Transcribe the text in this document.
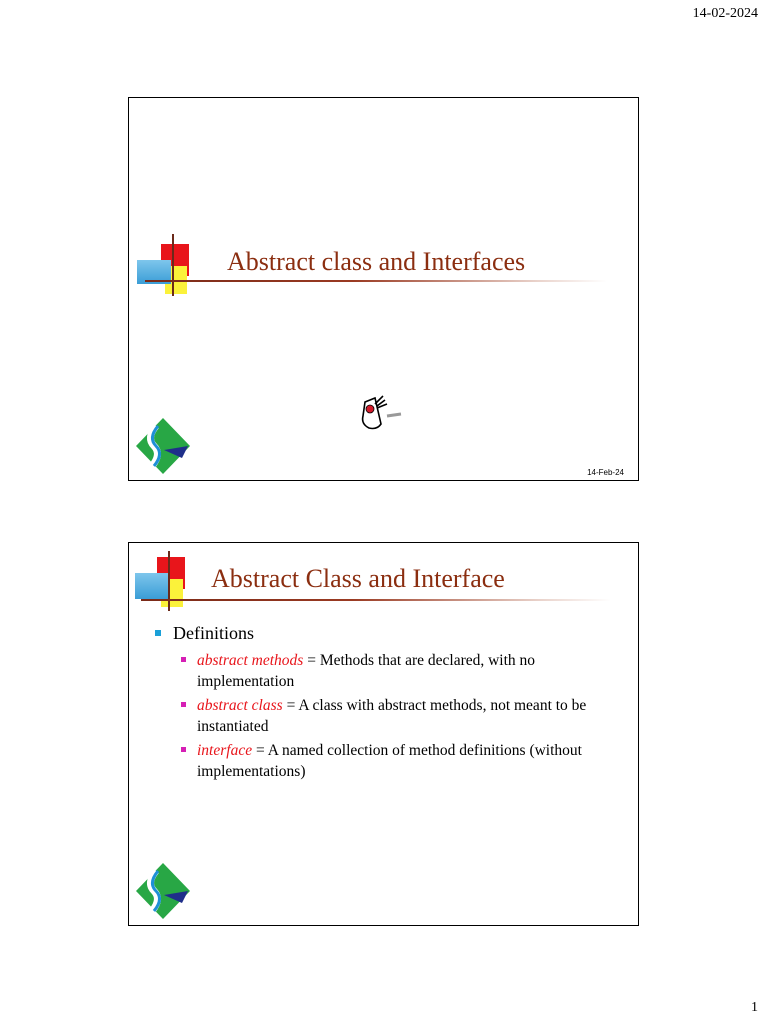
14-02-2024
Abstract class and Interfaces
14-Feb-24
Abstract Class and Interface
Definitions
abstract methods = Methods that are declared, with no implementation
abstract class = A class with abstract methods, not meant to be instantiated
interface = A named collection of method definitions (without implementations)
1
